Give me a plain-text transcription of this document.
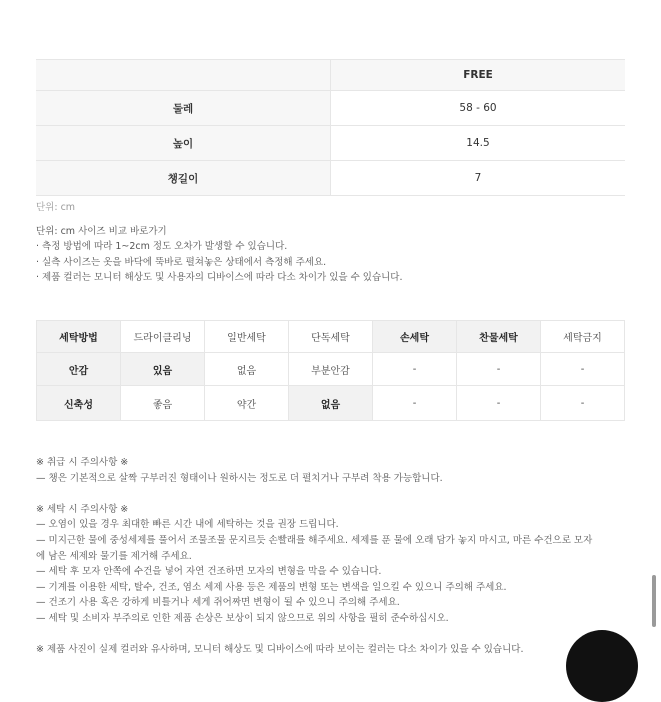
	FREE
둘레	58 - 60
높이	14.5
챙길이	7
단위: cm
단위: cm 사이즈 비교 바로가기
· 측정 방법에 따라 1~2cm 정도 오차가 발생할 수 있습니다.
· 실측 사이즈는 옷을 바닥에 뚝바로 펼쳐놓은 상태에서 측정해 주세요.
· 제품 컬러는 모니터 해상도 및 사용자의 디바이스에 따라 다소 차이가 있을 수 있습니다.
세탁방법	드라이클리닝	일반세탁	단독세탁	손세탁	찬물세탁	세탁금지
안감	있음	없음	부분안감	-	-	-
신축성	좋음	약간	없음	-	-	-
※ 취급 시 주의사항 ※
— 챙은 기본적으로 살짝 구부러진 형태이나 원하시는 정도로 더 펼치거나 구부려 착용 가능합니다.
※ 세탁 시 주의사항 ※
— 오염이 있을 경우 최대한 빠른 시간 내에 세탁하는 것을 권장 드립니다.
— 미지근한 물에 중성세제를 풀어서 조물조물 문지르듯 손빨래를 해주세요. 세제를 푼 물에 오래 담가 놓지 마시고, 마른 수건으로 모자
에 남은 세제와 물기를 제거해 주세요.
— 세탁 후 모자 안쪽에 수건을 넣어 자연 건조하면 모자의 변형을 막을 수 있습니다.
— 기계를 이용한 세탁, 탈수, 건조, 염소 세제 사용 등은 제품의 변형 또는 변색을 일으킬 수 있으니 주의해 주세요.
— 건조기 사용 혹은 강하게 비틀거나 세게 쥐어짜면 변형이 될 수 있으니 주의해 주세요.
— 세탁 및 소비자 부주의로 인한 제품 손상은 보상이 되지 않으므로 위의 사항을 필히 준수하십시오.
※ 제품 사진이 실제 컬러와 유사하며, 모니터 해상도 및 디바이스에 따라 보이는 컬러는 다소 차이가 있을 수 있습니다.
